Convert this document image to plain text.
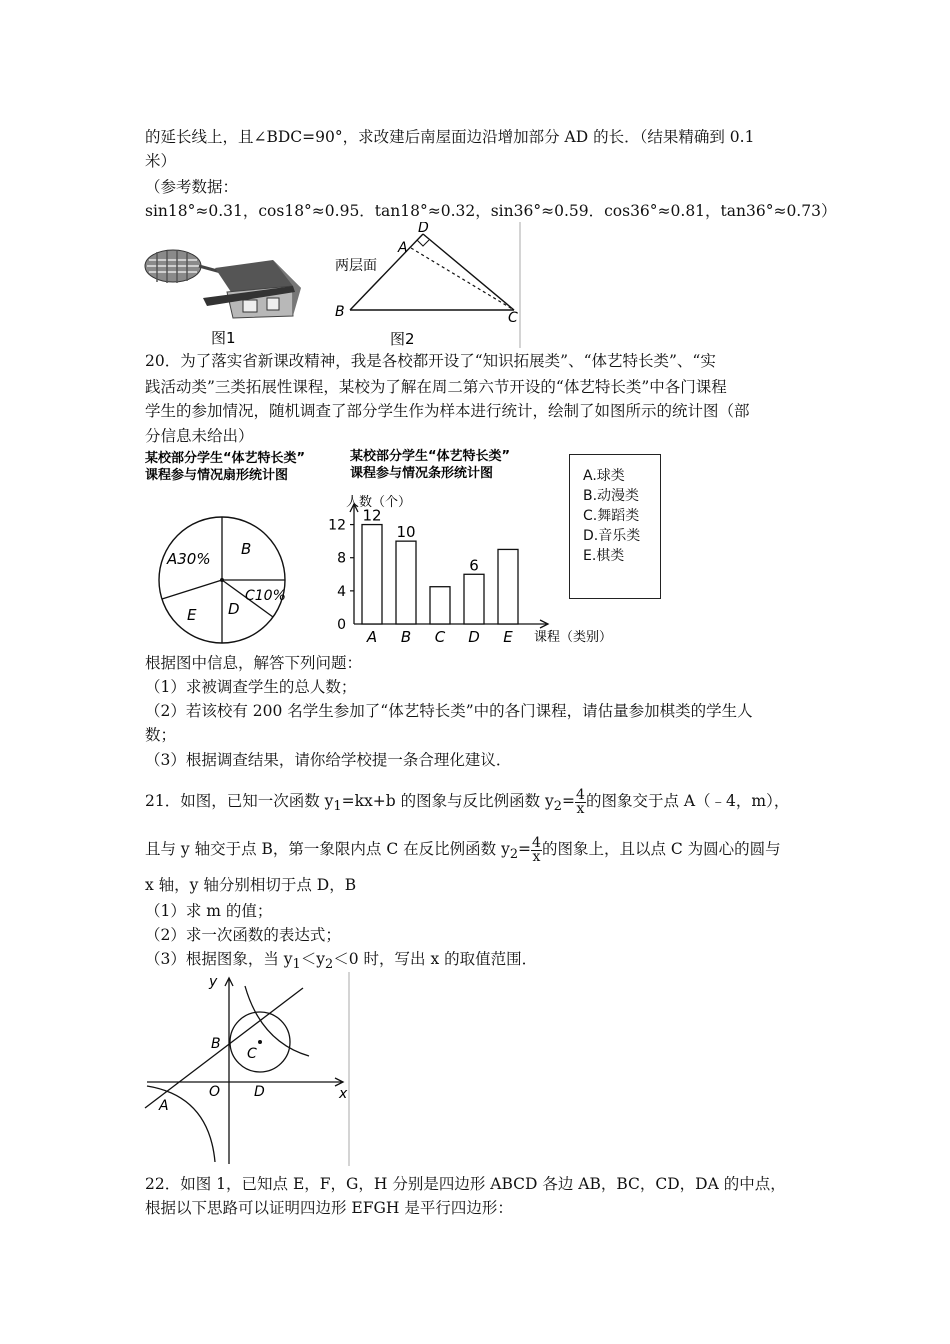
的延长线上，且∠BDC=90°，求改建后南屋面边沿增加部分 AD 的长．（结果精确到 0.1
米）
（参考数据：
sin18°≈0.31，cos18°≈0.95．tan18°≈0.32，sin36°≈0.59．cos36°≈0.81，tan36°≈0.73）
图1
两层面
A
D
B	C
图2
20．为了落实省新课改精神，我是各校都开设了“知识拓展类”、“体艺特长类”、“实
践活动类”三类拓展性课程，某校为了解在周二第六节开设的“体艺特长类”中各门课程
学生的参加情况，随机调查了部分学生作为样本进行统计，绘制了如图所示的统计图（部
分信息未给出）
某校部分学生“体艺特长类”
课程参与情况扇形统计图
A30%
B
C10%
D
E
某校部分学生“体艺特长类”
课程参与情况条形统计图
人数（个）
12
8
4
0
A
12
B
10
C D
6
E 课程（类别）
A.球类
B.动漫类
C.舞蹈类
D.音乐类
E.棋类
根据图中信息，解答下列问题：
（1）求被调查学生的总人数；
（2）若该校有 200 名学生参加了“体艺特长类”中的各门课程，请估量参加棋类的学生人
数；
（3）根据调查结果，请你给学校提一条合理化建议．
21．如图，已知一次函数 $y_1=kx+b$ 的图象与反比例函数 $y_2= \frac{4}{x}$ 的图象交于点 A（﹣4，m），
且与 y 轴交于点 B，第一象限内点 C 在反比例函数 $y_2= \frac{4}{x}$ 的图象上，且以点 C 为圆心的圆与
x 轴，y 轴分别相切于点 D，B
（1）求 m 的值；
（2）求一次函数的表达式；
（3）根据图象，当 $y_1<y_2<0$ 时，写出 x 的取值范围．
y
x
O
A
B
C
D
22．如图 1，已知点 E，F，G，H 分别是四边形 ABCD 各边 AB，BC，CD，DA 的中点，
根据以下思路可以证明四边形 EFGH 是平行四边形：
